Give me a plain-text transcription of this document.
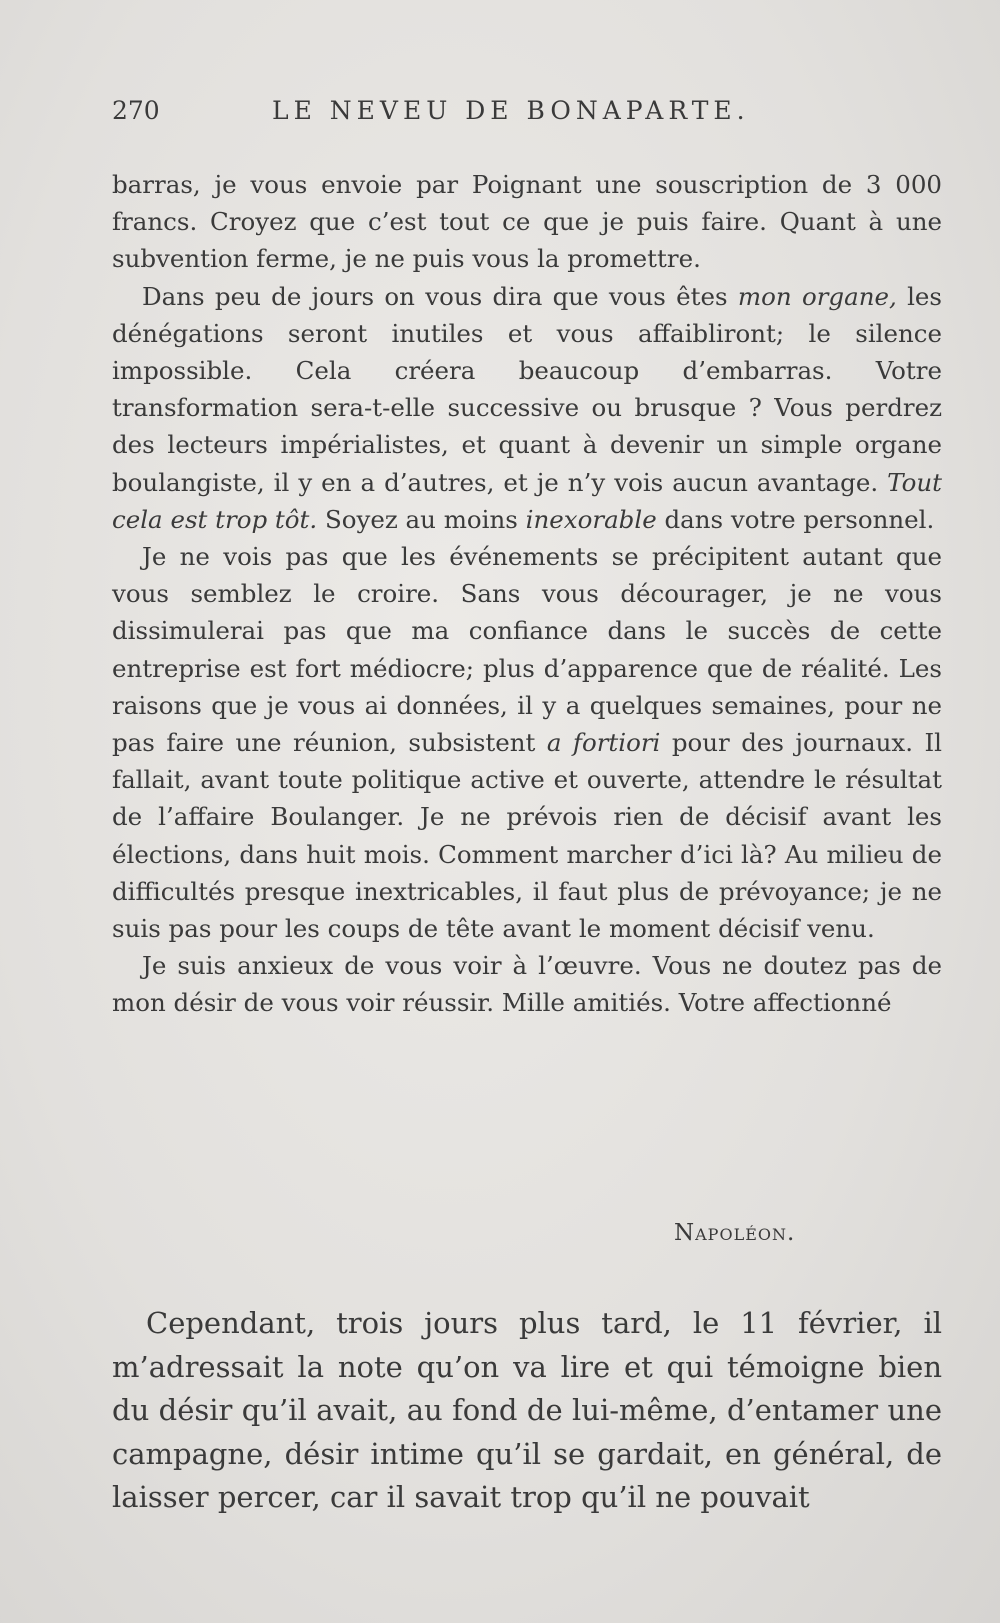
270	LE NEVEU DE BONAPARTE.

barras, je vous envoie par Poignant une souscription de 3 000 francs. Croyez que c’est tout ce que je puis faire. Quant à une subvention ferme, je ne puis vous la promettre.

Dans peu de jours on vous dira que vous êtes mon organe, les dénégations seront inutiles et vous affaibliront; le silence impossible. Cela créera beaucoup d’embarras. Votre transformation sera-t-elle successive ou brusque ? Vous perdrez des lecteurs impérialistes, et quant à devenir un simple organe boulangiste, il y en a d’autres, et je n’y vois aucun avantage. Tout cela est trop tôt. Soyez au moins inexorable dans votre personnel.

Je ne vois pas que les événements se précipitent autant que vous semblez le croire. Sans vous décourager, je ne vous dissimulerai pas que ma confiance dans le succès de cette entreprise est fort médiocre; plus d’apparence que de réalité. Les raisons que je vous ai données, il y a quelques semaines, pour ne pas faire une réunion, subsistent a fortiori pour des journaux. Il fallait, avant toute politique active et ouverte, attendre le résultat de l’affaire Boulanger. Je ne prévois rien de décisif avant les élections, dans huit mois. Comment marcher d’ici là? Au milieu de difficultés presque inextricables, il faut plus de prévoyance; je ne suis pas pour les coups de tête avant le moment décisif venu.

Je suis anxieux de vous voir à l’œuvre. Vous ne doutez pas de mon désir de vous voir réussir. Mille amitiés. Votre affectionné

Napoléon.

Cependant, trois jours plus tard, le 11 février, il m’adressait la note qu’on va lire et qui témoigne bien du désir qu’il avait, au fond de lui-même, d’entamer une campagne, désir intime qu’il se gardait, en général, de laisser percer, car il savait trop qu’il ne pouvait
